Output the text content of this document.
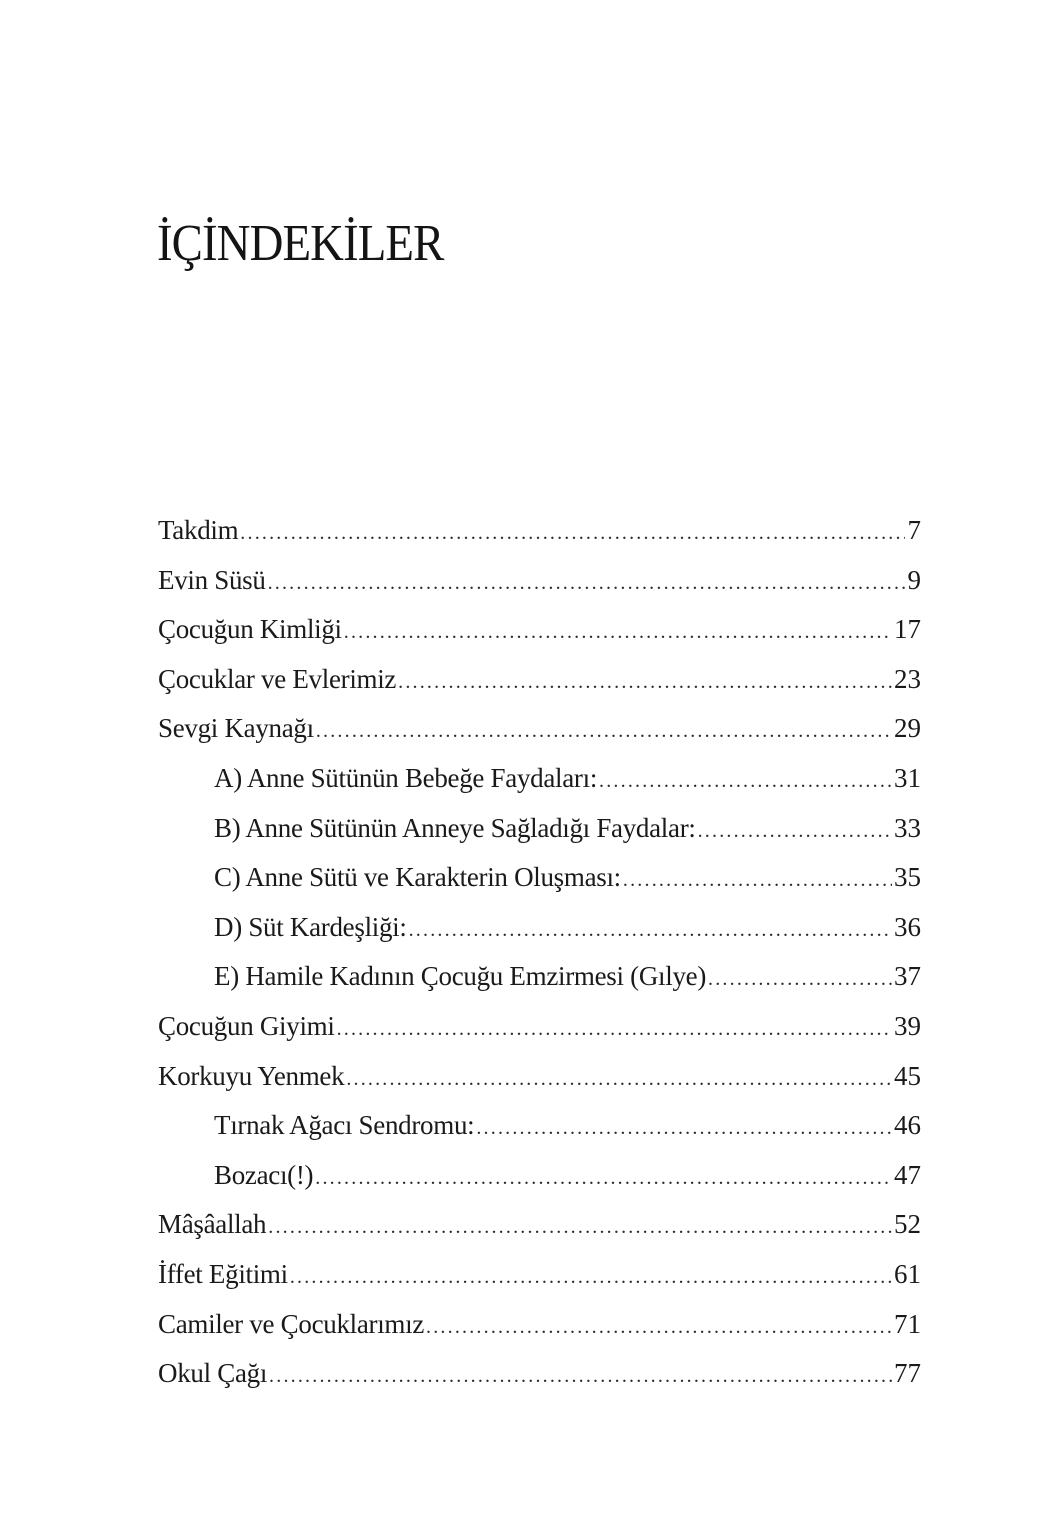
İÇİNDEKİLER
Takdim .....	7
Evin Süsü .....	9
Çocuğun Kimliği .....	17
Çocuklar ve Evlerimiz .....	23
Sevgi Kaynağı .....	29
A) Anne Sütünün Bebeğe Faydaları: .....	31
B) Anne Sütünün Anneye Sağladığı Faydalar: .....	33
C) Anne Sütü ve Karakterin Oluşması: .....	35
D) Süt Kardeşliği: .....	36
E) Hamile Kadının Çocuğu Emzirmesi (Gılye) .....	37
Çocuğun Giyimi .....	39
Korkuyu Yenmek .....	45
Tırnak Ağacı Sendromu: .....	46
Bozacı(!) .....	47
Mâşâallah .....	52
İffet Eğitimi .....	61
Camiler ve Çocuklarımız .....	71
Okul Çağı .....	77
